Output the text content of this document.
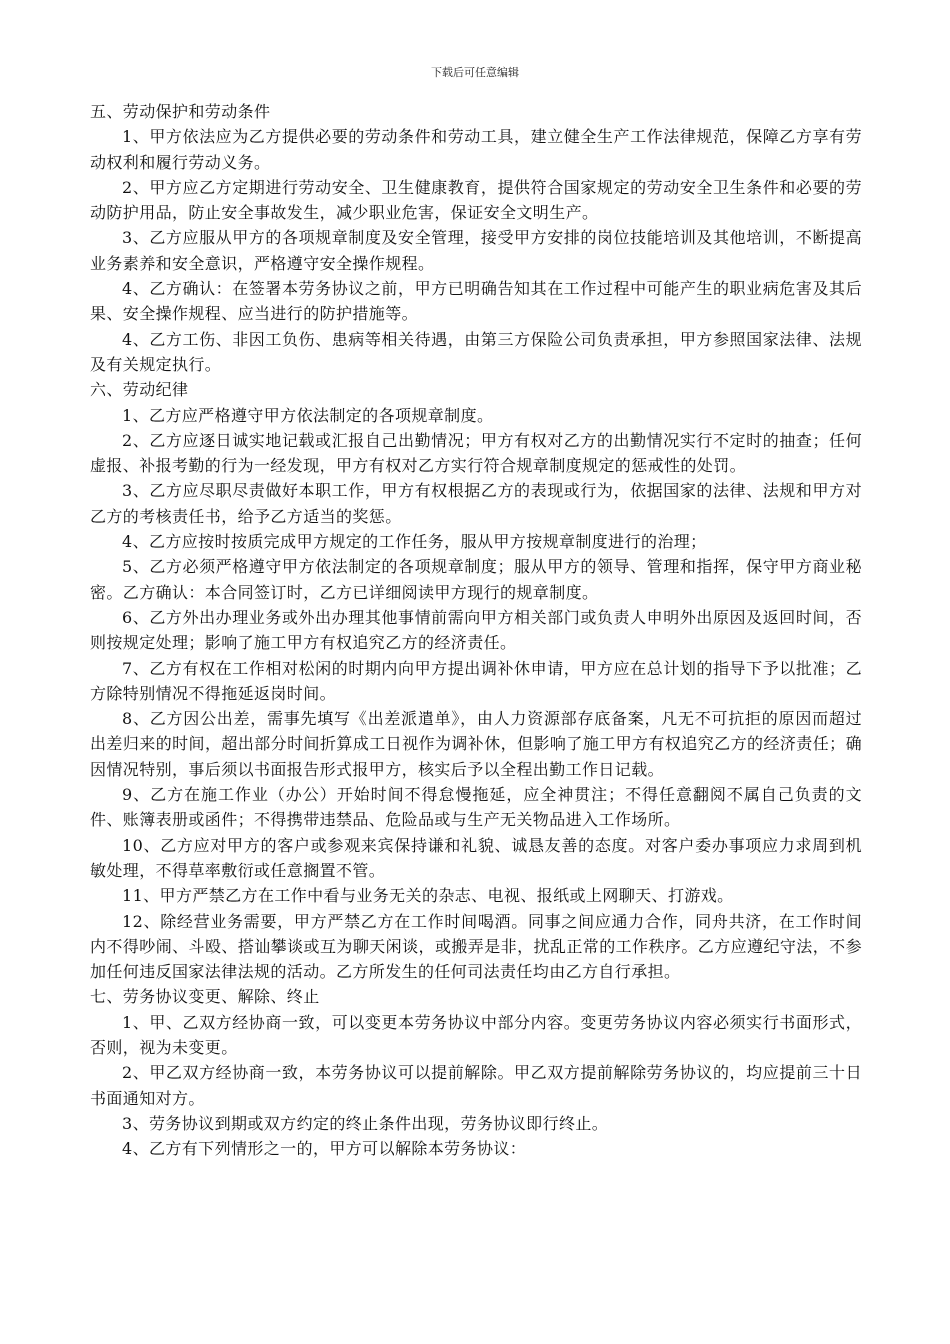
下载后可任意编辑

五、劳动保护和劳动条件

1、甲方依法应为乙方提供必要的劳动条件和劳动工具，建立健全生产工作法律规范，保障乙方享有劳动权利和履行劳动义务。

2、甲方应乙方定期进行劳动安全、卫生健康教育，提供符合国家规定的劳动安全卫生条件和必要的劳动防护用品，防止安全事故发生，减少职业危害，保证安全文明生产。

3、乙方应服从甲方的各项规章制度及安全管理，接受甲方安排的岗位技能培训及其他培训，不断提高业务素养和安全意识，严格遵守安全操作规程。

4、乙方确认：在签署本劳务协议之前，甲方已明确告知其在工作过程中可能产生的职业病危害及其后果、安全操作规程、应当进行的防护措施等。

4、乙方工伤、非因工负伤、患病等相关待遇，由第三方保险公司负责承担，甲方参照国家法律、法规及有关规定执行。

六、劳动纪律

1、乙方应严格遵守甲方依法制定的各项规章制度。

2、乙方应逐日诚实地记载或汇报自己出勤情况；甲方有权对乙方的出勤情况实行不定时的抽查；任何虚报、补报考勤的行为一经发现，甲方有权对乙方实行符合规章制度规定的惩戒性的处罚。

3、乙方应尽职尽责做好本职工作，甲方有权根据乙方的表现或行为，依据国家的法律、法规和甲方对乙方的考核责任书，给予乙方适当的奖惩。

4、乙方应按时按质完成甲方规定的工作任务，服从甲方按规章制度进行的治理；

5、乙方必须严格遵守甲方依法制定的各项规章制度；服从甲方的领导、管理和指挥，保守甲方商业秘密。乙方确认：本合同签订时，乙方已详细阅读甲方现行的规章制度。

6、乙方外出办理业务或外出办理其他事情前需向甲方相关部门或负责人申明外出原因及返回时间，否则按规定处理；影响了施工甲方有权追究乙方的经济责任。

7、乙方有权在工作相对松闲的时期内向甲方提出调补休申请，甲方应在总计划的指导下予以批准；乙方除特别情况不得拖延返岗时间。

8、乙方因公出差，需事先填写《出差派遣单》，由人力资源部存底备案，凡无不可抗拒的原因而超过出差归来的时间，超出部分时间折算成工日视作为调补休，但影响了施工甲方有权追究乙方的经济责任；确因情况特别，事后须以书面报告形式报甲方，核实后予以全程出勤工作日记载。

9、乙方在施工作业（办公）开始时间不得怠慢拖延，应全神贯注；不得任意翻阅不属自己负责的文件、账簿表册或函件；不得携带违禁品、危险品或与生产无关物品进入工作场所。

10、乙方应对甲方的客户或参观来宾保持谦和礼貌、诚恳友善的态度。对客户委办事项应力求周到机敏处理，不得草率敷衍或任意搁置不管。

11、甲方严禁乙方在工作中看与业务无关的杂志、电视、报纸或上网聊天、打游戏。

12、除经营业务需要，甲方严禁乙方在工作时间喝酒。同事之间应通力合作，同舟共济，在工作时间内不得吵闹、斗殴、搭讪攀谈或互为聊天闲谈，或搬弄是非，扰乱正常的工作秩序。乙方应遵纪守法，不参加任何违反国家法律法规的活动。乙方所发生的任何司法责任均由乙方自行承担。

七、劳务协议变更、解除、终止

1、甲、乙双方经协商一致，可以变更本劳务协议中部分内容。变更劳务协议内容必须实行书面形式，否则，视为未变更。

2、甲乙双方经协商一致，本劳务协议可以提前解除。甲乙双方提前解除劳务协议的，均应提前三十日书面通知对方。

3、劳务协议到期或双方约定的终止条件出现，劳务协议即行终止。

4、乙方有下列情形之一的，甲方可以解除本劳务协议：
